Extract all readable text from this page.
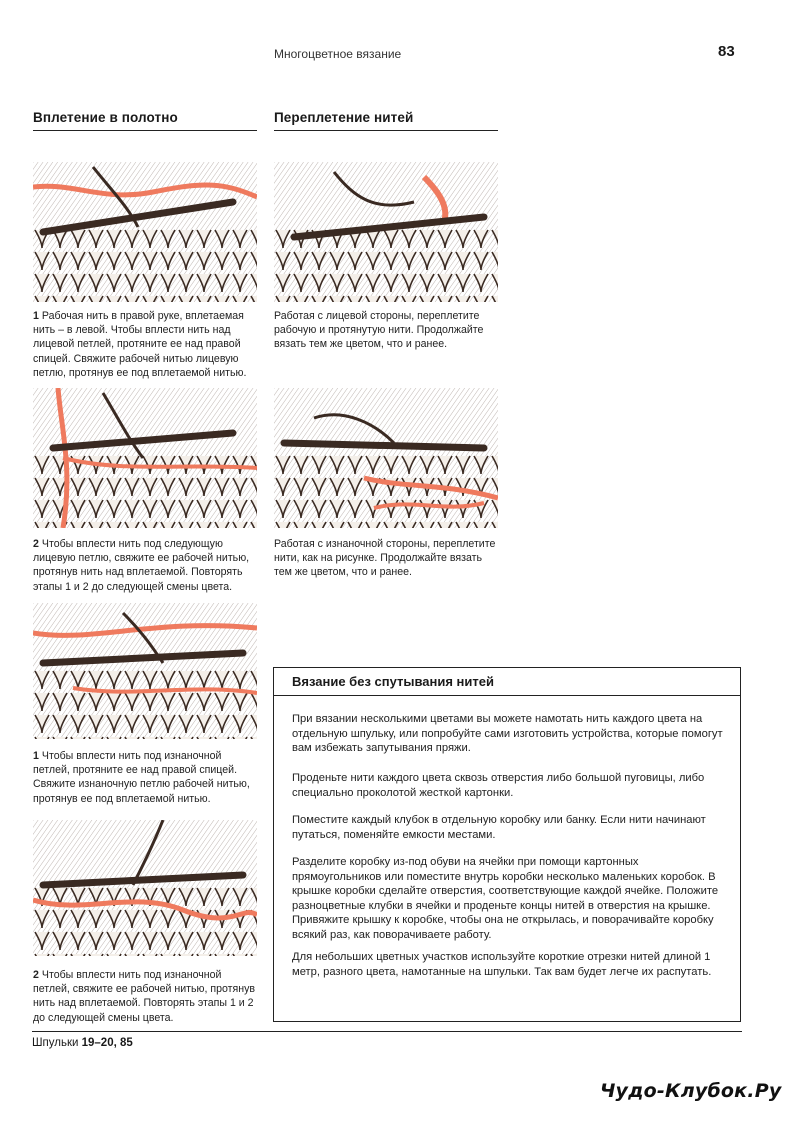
Многоцветное вязание	83
Вплетение в полотно	Переплетение нитей
1 Рабочая нить в правой руке, вплетаемая нить – в левой. Чтобы вплести нить над лицевой петлей, протяните ее над правой спицей. Свяжите рабочей нитью лицевую петлю, протянув ее под вплетаемой нитью.
2 Чтобы вплести нить под следующую лицевую петлю, свяжите ее рабочей нитью, протянув нить над вплетаемой. Повторять этапы 1 и 2 до следующей смены цвета.
1 Чтобы вплести нить под изнаночной петлей, протяните ее над правой спицей. Свяжите изнаночную петлю рабочей нитью, протянув ее под вплетаемой нитью.
2 Чтобы вплести нить под изнаночной петлей, свяжите ее рабочей нитью, протянув нить над вплетаемой. Повторять этапы 1 и 2 до следующей смены цвета.
Работая с лицевой стороны, переплетите рабочую и протянутую нити. Продолжайте вязать тем же цветом, что и ранее.
Работая с изнаночной стороны, переплетите нити, как на рисунке. Продолжайте вязать тем же цветом, что и ранее.
Вязание без спутывания нитей
При вязании несколькими цветами вы можете намотать нить каждого цвета на отдельную шпульку, или попробуйте сами изготовить устройства, которые помогут вам избежать запутывания пряжи.
Проденьте нити каждого цвета сквозь отверстия либо большой пуговицы, либо специально проколотой жесткой картонки.
Поместите каждый клубок в отдельную коробку или банку. Если нити начинают путаться, поменяйте емкости местами.
Разделите коробку из-под обуви на ячейки при помощи картонных прямоугольников или поместите внутрь коробки несколько маленьких коробок. В крышке коробки сделайте отверстия, соответствующие каждой ячейке. Положите разноцветные клубки в ячейки и проденьте концы нитей в отверстия на крышке. Привяжите крышку к коробке, чтобы она не открылась, и поворачивайте коробку всякий раз, как поворачиваете работу.
Для небольших цветных участков используйте короткие отрезки нитей длиной 1 метр, разного цвета, намотанные на шпульки. Так вам будет легче их распутать.
Шпульки 19–20, 85
Чудо-Клубок.Ру
